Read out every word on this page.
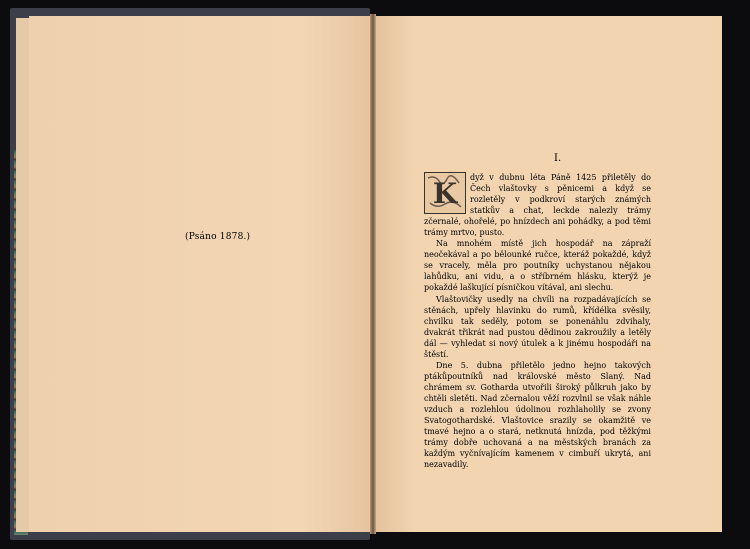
(Psáno 1878.)
I.
K	dyž v dubnu léta Páně 1425 přiletěly do Čech vlaštovky s pěnicemi a když se rozletěly v podkroví starých známých statkův a chat, leckde nalezly trámy zčernalé, ohořelé, po hnízdech ani pohádky, a pod těmi trámy mrtvo, pusto.

Na mnohém místě jich hospodář na zápraží neočekával a po bělounké ručce, kteráž pokaždé, když se vracely, měla pro poutníky uchystanou nějakou lahůdku, ani vidu, a o stříbrném hlásku, kterýž je pokaždé laškující písničkou vítával, ani slechu.

Vlaštovičky usedly na chvíli na rozpadávajících se stěnách, upřely hlavinku do rumů, křídélka svěsily, chvilku tak seděly, potom se ponenáhlu zdvihaly, dvakrát třikrát nad pustou dědinou zakroužily a letěly dál — vyhledat si nový útulek a k jinému hospodáři na štěstí.

Dne 5. dubna přiletělo jedno hejno takových ptákůpoutníků nad královské město Slaný. Nad chrámem sv. Gotharda utvořili široký půlkruh jako by chtěli sletěti. Nad zčernalou věží rozvlnil se však náhle vzduch a rozlehlou údolinou rozhlaholily se zvony Svatogothardské. Vlaštovice srazily se okamžitě ve tmavé hejno a o stará, netknutá hnízda, pod těžkými trámy dobře uchovaná a na městských branách za každým vyčnívajícím kamenem v cimbuří ukrytá, ani nezavadily.
